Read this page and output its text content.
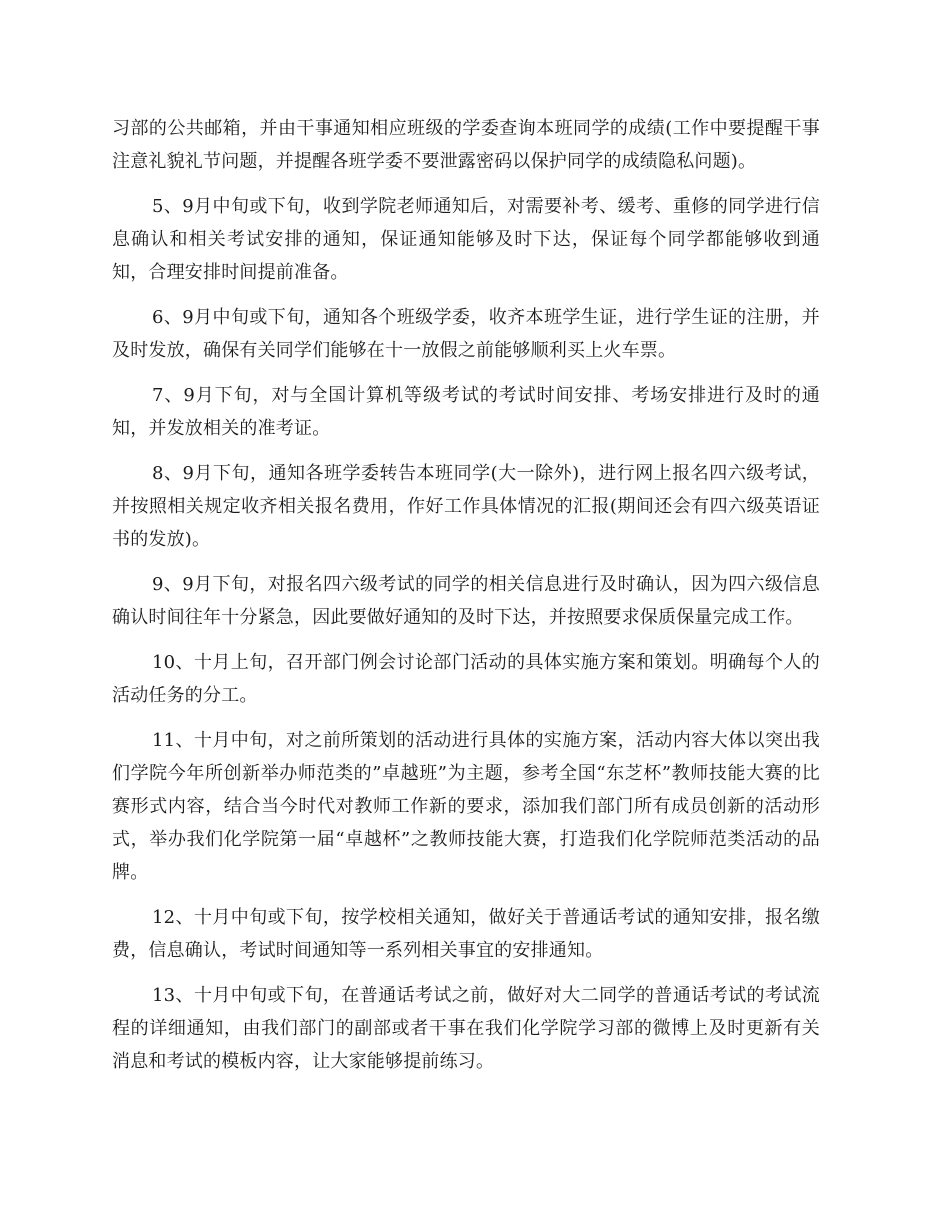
习部的公共邮箱，并由干事通知相应班级的学委查询本班同学的成绩(工作中要提醒干事注意礼貌礼节问题，并提醒各班学委不要泄露密码以保护同学的成绩隐私问题)。

5、9月中旬或下旬，收到学院老师通知后，对需要补考、缓考、重修的同学进行信息确认和相关考试安排的通知，保证通知能够及时下达，保证每个同学都能够收到通知，合理安排时间提前准备。

6、9月中旬或下旬，通知各个班级学委，收齐本班学生证，进行学生证的注册，并及时发放，确保有关同学们能够在十一放假之前能够顺利买上火车票。

7、9月下旬，对与全国计算机等级考试的考试时间安排、考场安排进行及时的通知，并发放相关的准考证。

8、9月下旬，通知各班学委转告本班同学(大一除外)，进行网上报名四六级考试，并按照相关规定收齐相关报名费用，作好工作具体情况的汇报(期间还会有四六级英语证书的发放)。

9、9月下旬，对报名四六级考试的同学的相关信息进行及时确认，因为四六级信息确认时间往年十分紧急，因此要做好通知的及时下达，并按照要求保质保量完成工作。

10、十月上旬，召开部门例会讨论部门活动的具体实施方案和策划。明确每个人的活动任务的分工。

11、十月中旬，对之前所策划的活动进行具体的实施方案，活动内容大体以突出我们学院今年所创新举办师范类的”卓越班”为主题，参考全国“东芝杯”教师技能大赛的比赛形式内容，结合当今时代对教师工作新的要求，添加我们部门所有成员创新的活动形式，举办我们化学院第一届“卓越杯”之教师技能大赛，打造我们化学院师范类活动的品牌。

12、十月中旬或下旬，按学校相关通知，做好关于普通话考试的通知安排，报名缴费，信息确认，考试时间通知等一系列相关事宜的安排通知。

13、十月中旬或下旬，在普通话考试之前，做好对大二同学的普通话考试的考试流程的详细通知，由我们部门的副部或者干事在我们化学院学习部的微博上及时更新有关消息和考试的模板内容，让大家能够提前练习。
